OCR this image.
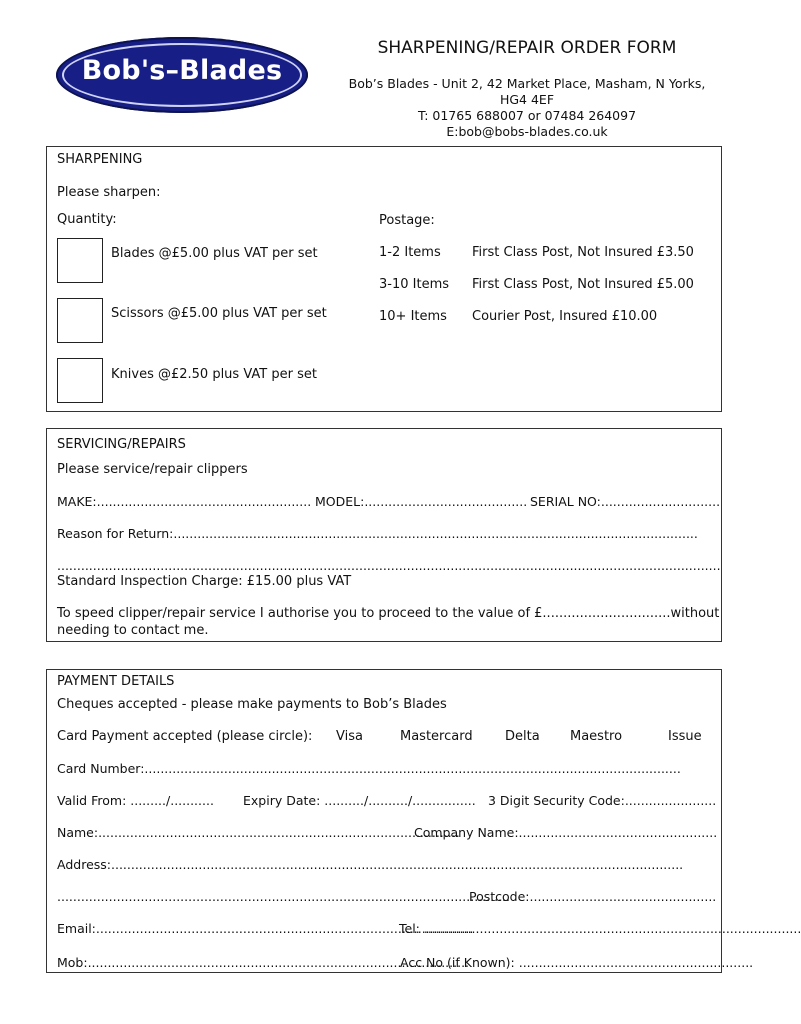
Bob's–Blades
SHARPENING/REPAIR ORDER FORM
Bob’s Blades - Unit 2, 42 Market Place, Masham, N Yorks,
HG4 4EF
T: 01765 688007 or 07484 264097
E:bob@bobs-blades.co.uk
SHARPENING
Please sharpen:
Quantity:	Postage:
Blades @£5.00 plus VAT per set
Scissors @£5.00 plus VAT per set
Knives @£2.50 plus VAT per set
1-2 Items First Class Post, Not Insured £3.50
3-10 Items First Class Post, Not Insured £5.00
10+ Items Courier Post, Insured £10.00
SERVICING/REPAIRS
Please service/repair clippers
MAKE:...................................................... MODEL:......................................... SERIAL NO:..............................
Reason for Return:....................................................................................................................................
.......................................................................................................................................................................
Standard Inspection Charge: £15.00 plus VAT
To speed clipper/repair service I authorise you to proceed to the value of £...............................without
needing to contact me.
PAYMENT DETAILS
Cheques accepted - please make payments to Bob’s Blades
Card Payment accepted (please circle): Visa	Mastercard Delta Maestro	Issue
Card Number:.......................................................................................................................................
Valid From: ........./........... Expiry Date: ........../........../................ 3 Digit Security Code:.......................
Name:...........................................................................................
Company Name:..................................................
Address:................................................................................................................................................
..................................................................................................................
Postcode:...............................................
Email:...............................................................................................
Tel: ...............................................................................................
Mob:................................................................................................
Acc No (if Known): ...........................................................
